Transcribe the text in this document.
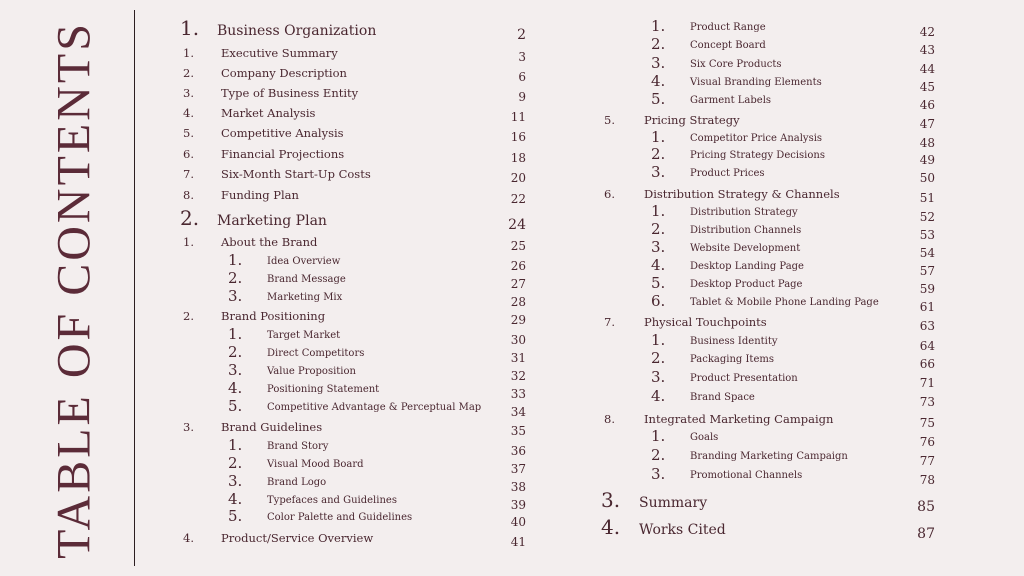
TABLE OF CONTENTS	1. Business Organization	2
1. Executive Summary	3
2. Company Description	6
3. Type of Business Entity	9
4. Market Analysis	11
5. Competitive Analysis	16
6. Financial Projections	18
7. Six-Month Start-Up Costs	20
8. Funding Plan	22
2. Marketing Plan	24
1. About the Brand	25
1. Idea Overview	26
2. Brand Message	27
3. Marketing Mix	28
2. Brand Positioning	29
1. Target Market	30
2. Direct Competitors	31
3. Value Proposition	32
4. Positioning Statement	33
5. Competitive Advantage & Perceptual Map	34
3. Brand Guidelines	35
1. Brand Story	36
2. Visual Mood Board	37
3. Brand Logo	38
4. Typefaces and Guidelines	39
5. Color Palette and Guidelines	40
4. Product/Service Overview	41
1. Product Range	42
2. Concept Board	43
3. Six Core Products	44
4. Visual Branding Elements	45
5. Garment Labels	46
5.	Pricing Strategy	47
1. Competitor Price Analysis	48
2. Pricing Strategy Decisions	49
3. Product Prices	50
6.	Distribution Strategy & Channels	51
1. Distribution Strategy	52
2. Distribution Channels	53
3. Website Development	54
4. Desktop Landing Page	57
5. Desktop Product Page	59
6. Tablet & Mobile Phone Landing Page	61
7.	Physical Touchpoints	63
1. Business Identity	64
2. Packaging Items	66
3. Product Presentation	71
4. Brand Space	73
8.	Integrated Marketing Campaign	75
1. Goals	76
2. Branding Marketing Campaign	77
3. Promotional Channels	78
3. Summary	85
4. Works Cited	87
